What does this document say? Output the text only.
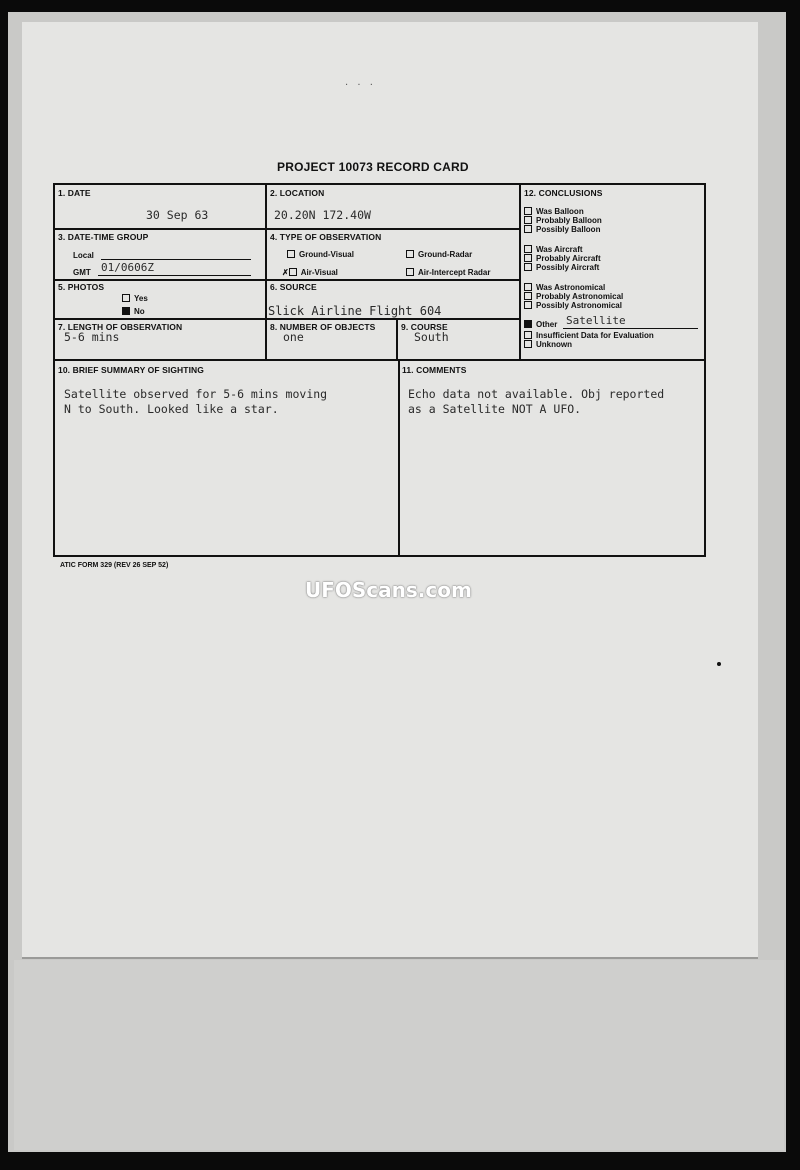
· · ·
PROJECT 10073 RECORD CARD
1. DATE
30 Sep 63
2. LOCATION
20.20N 172.40W
3. DATE-TIME GROUP
Local
GMT 01/0606Z
4. TYPE OF OBSERVATION
Ground-Visual	Ground-Radar
✗ Air-Visual	Air-Intercept Radar
5. PHOTOS
Yes
No
6. SOURCE
Slick Airline Flight 604
7. LENGTH OF OBSERVATION
5-6 mins
8. NUMBER OF OBJECTS
one
9. COURSE
South
12. CONCLUSIONS
Was Balloon
Probably Balloon
Possibly Balloon
Was Aircraft
Probably Aircraft
Possibly Aircraft
Was Astronomical
Probably Astronomical
Possibly Astronomical
Other Satellite
Insufficient Data for Evaluation
Unknown
10. BRIEF SUMMARY OF SIGHTING
Satellite observed for 5-6 mins moving
N to South. Looked like a star.
11. COMMENTS
Echo data not available. Obj reported
as a Satellite NOT A UFO.
ATIC FORM 329 (REV 26 SEP 52)
UFOScans.com
